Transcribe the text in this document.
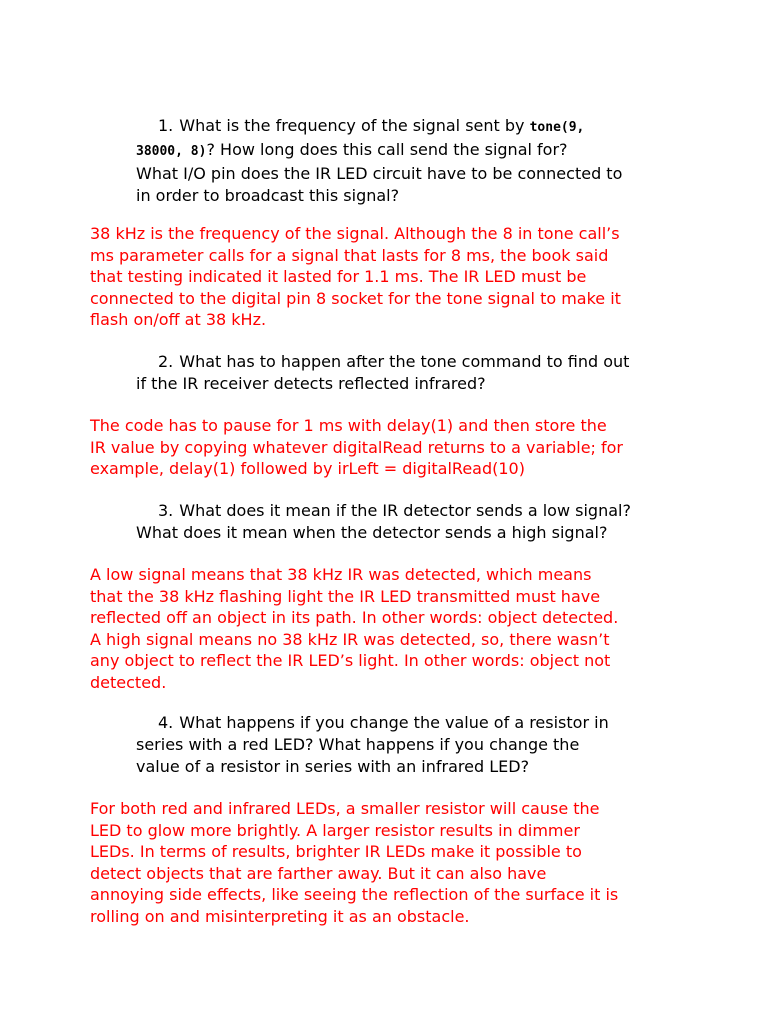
1. What is the frequency of the signal sent by tone(9,
38000, 8)? How long does this call send the signal for?
What I/O pin does the IR LED circuit have to be connected to
in order to broadcast this signal?
38 kHz is the frequency of the signal. Although the 8 in tone call’s
ms parameter calls for a signal that lasts for 8 ms, the book said
that testing indicated it lasted for 1.1 ms. The IR LED must be
connected to the digital pin 8 socket for the tone signal to make it
flash on/off at 38 kHz.
2. What has to happen after the tone command to find out
if the IR receiver detects reflected infrared?
The code has to pause for 1 ms with delay(1) and then store the
IR value by copying whatever digitalRead returns to a variable; for
example, delay(1) followed by irLeft = digitalRead(10)
3. What does it mean if the IR detector sends a low signal?
What does it mean when the detector sends a high signal?
A low signal means that 38 kHz IR was detected, which means
that the 38 kHz flashing light the IR LED transmitted must have
reflected off an object in its path. In other words: object detected.
A high signal means no 38 kHz IR was detected, so, there wasn’t
any object to reflect the IR LED’s light. In other words: object not
detected.
4. What happens if you change the value of a resistor in
series with a red LED? What happens if you change the
value of a resistor in series with an infrared LED?
For both red and infrared LEDs, a smaller resistor will cause the
LED to glow more brightly. A larger resistor results in dimmer
LEDs. In terms of results, brighter IR LEDs make it possible to
detect objects that are farther away. But it can also have
annoying side effects, like seeing the reflection of the surface it is
rolling on and misinterpreting it as an obstacle.
